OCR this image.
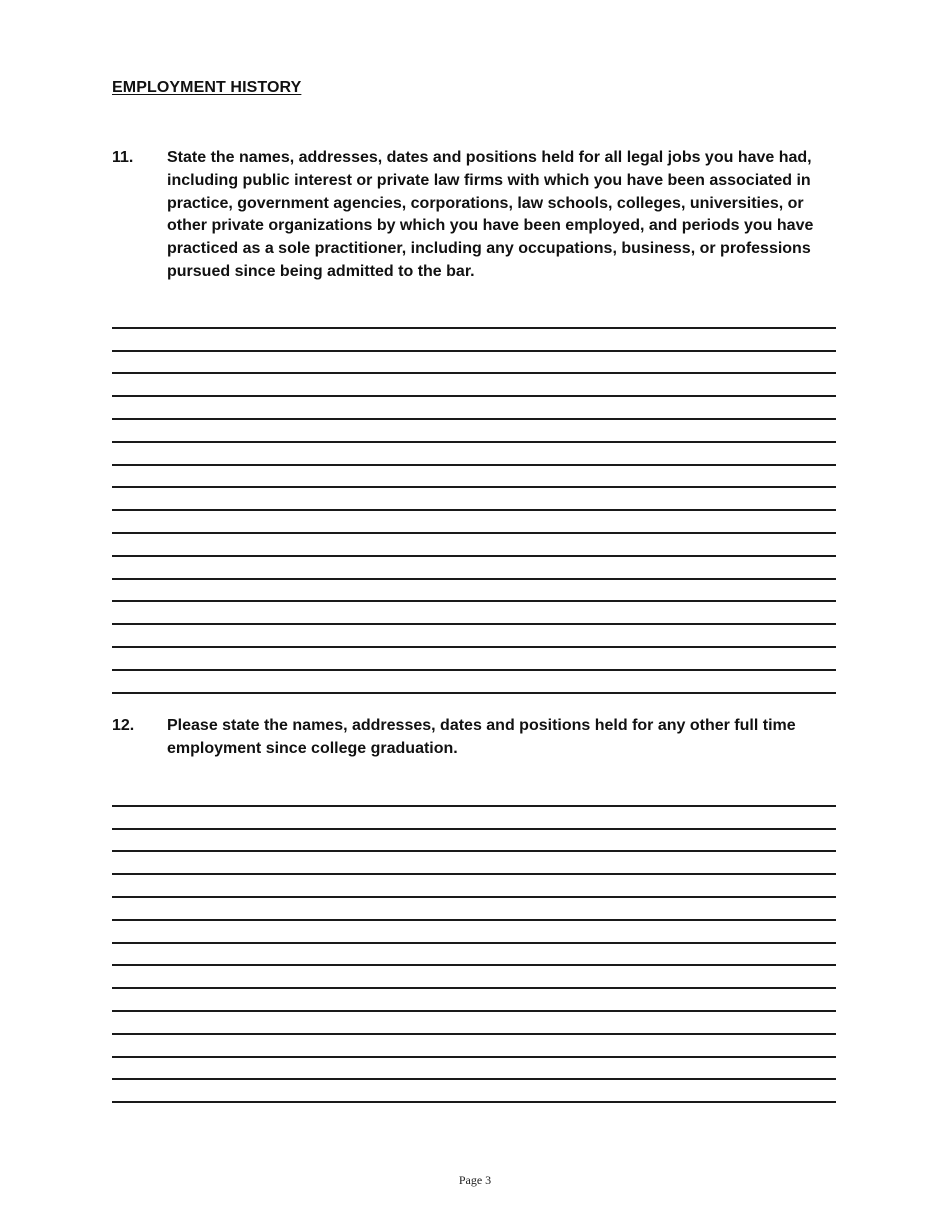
EMPLOYMENT HISTORY
11. State the names, addresses, dates and positions held for all legal jobs you have had, including public interest or private law firms with which you have been associated in practice, government agencies, corporations, law schools, colleges, universities, or other private organizations by which you have been employed, and periods you have practiced as a sole practitioner, including any occupations, business, or professions pursued since being admitted to the bar.
12. Please state the names, addresses, dates and positions held for any other full time employment since college graduation.
Page 3
